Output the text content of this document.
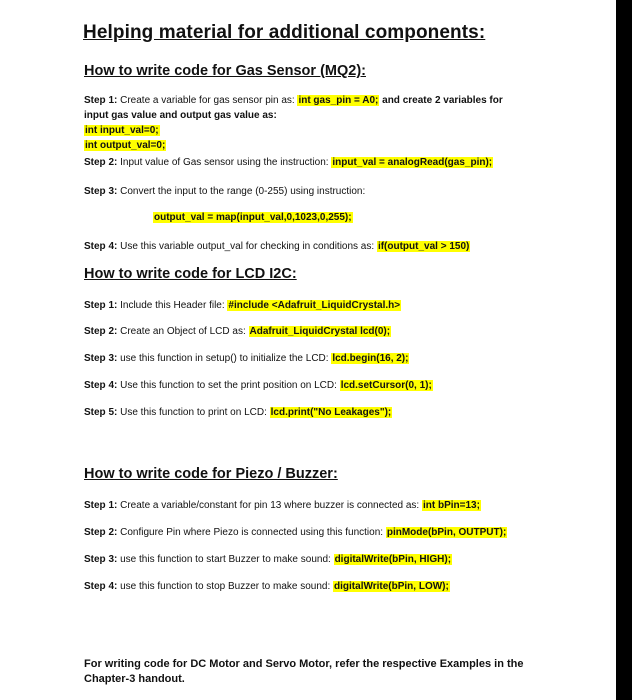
Helping material for additional components:
How to write code for Gas Sensor (MQ2):
Step 1: Create a variable for gas sensor pin as: int gas_pin = A0; and create 2 variables for
input gas value and output gas value as:
int input_val=0;
int output_val=0;
Step 2: Input value of Gas sensor using the instruction: input_val = analogRead(gas_pin);
Step 3: Convert the input to the range (0-255) using instruction:
output_val = map(input_val,0,1023,0,255);
Step 4: Use this variable output_val for checking in conditions as: if(output_val > 150)
How to write code for LCD I2C:
Step 1: Include this Header file: #include <Adafruit_LiquidCrystal.h>
Step 2: Create an Object of LCD as: Adafruit_LiquidCrystal lcd(0);
Step 3: use this function in setup() to initialize the LCD: lcd.begin(16, 2);
Step 4: Use this function to set the print position on LCD: lcd.setCursor(0, 1);
Step 5: Use this function to print on LCD: lcd.print("No Leakages");
How to write code for Piezo / Buzzer:
Step 1: Create a variable/constant for pin 13 where buzzer is connected as: int bPin=13;
Step 2: Configure Pin where Piezo is connected using this function: pinMode(bPin, OUTPUT);
Step 3: use this function to start Buzzer to make sound: digitalWrite(bPin, HIGH);
Step 4: use this function to stop Buzzer to make sound: digitalWrite(bPin, LOW);
For writing code for DC Motor and Servo Motor, refer the respective Examples in the Chapter-3 handout.
